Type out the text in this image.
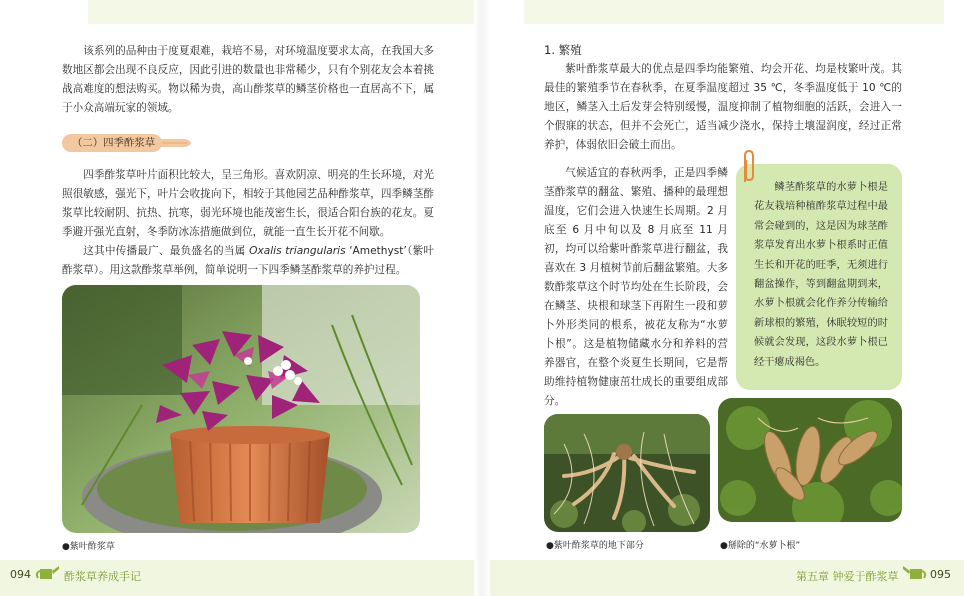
该系列的品种由于度夏艰难，栽培不易，对环境温度要求太高，在我国大多数地区都会出现不良反应，因此引进的数量也非常稀少，只有个别花友会本着挑战高难度的想法购买。物以稀为贵，高山酢浆草的鳞茎价格也一直居高不下，属于小众高端玩家的领域。

（二）四季酢浆草

四季酢浆草叶片面积比较大，呈三角形。喜欢阴凉、明亮的生长环境，对光照很敏感，强光下，叶片会收拢向下，相较于其他园艺品种酢浆草，四季鳞茎酢浆草比较耐阴、抗热、抗寒，弱光环境也能茂密生长，很适合阳台族的花友。夏季避开强光直射，冬季防冰冻措施做到位，就能一直生长开花不间歇。

这其中传播最广、最负盛名的当属 Oxalis triangularis ‘Amethyst’（紫叶酢浆草）。用这款酢浆草举例，简单说明一下四季鳞茎酢浆草的养护过程。

●紫叶酢浆草
094	酢浆草养成手记
1. 繁殖

紫叶酢浆草最大的优点是四季均能繁殖、均会开花、均是枝繁叶茂。其最佳的繁殖季节在春秋季，在夏季温度超过 35 ℃，冬季温度低于 10 ℃的地区，鳞茎入土后发芽会特别缓慢，温度抑制了植物细胞的活跃，会进入一个假寐的状态，但并不会死亡，适当减少浇水，保持土壤湿润度，经过正常养护，体弱依旧会破土而出。

气候适宜的春秋两季，正是四季鳞茎酢浆草的翻盆、繁殖、播种的最理想温度，它们会进入快速生长周期。2 月底至 6 月中旬以及 8 月底至 11 月初，均可以给紫叶酢浆草进行翻盆，我喜欢在 3 月植树节前后翻盆繁殖。大多数酢浆草这个时节均处在生长阶段，会在鳞茎、块根和球茎下再附生一段和萝卜外形类同的根系，被花友称为“水萝卜根”。这是植物储藏水分和养料的营养器官，在整个炎夏生长期间，它是帮助维持植物健康茁壮成长的重要组成部分。

鳞茎酢浆草的水萝卜根是花友栽培种植酢浆草过程中最常会碰到的，这是因为球茎酢浆草发育出水萝卜根系时正值生长和开花的旺季，无须进行翻盆操作，等到翻盆期到来，水萝卜根就会化作养分传输给新球根的繁殖，休眠较短的时候就会发现，这段水萝卜根已经干瘪成褐色。

●紫叶酢浆草的地下部分	●掰除的“水萝卜根”
第五章 钟爱于酢浆草	095
